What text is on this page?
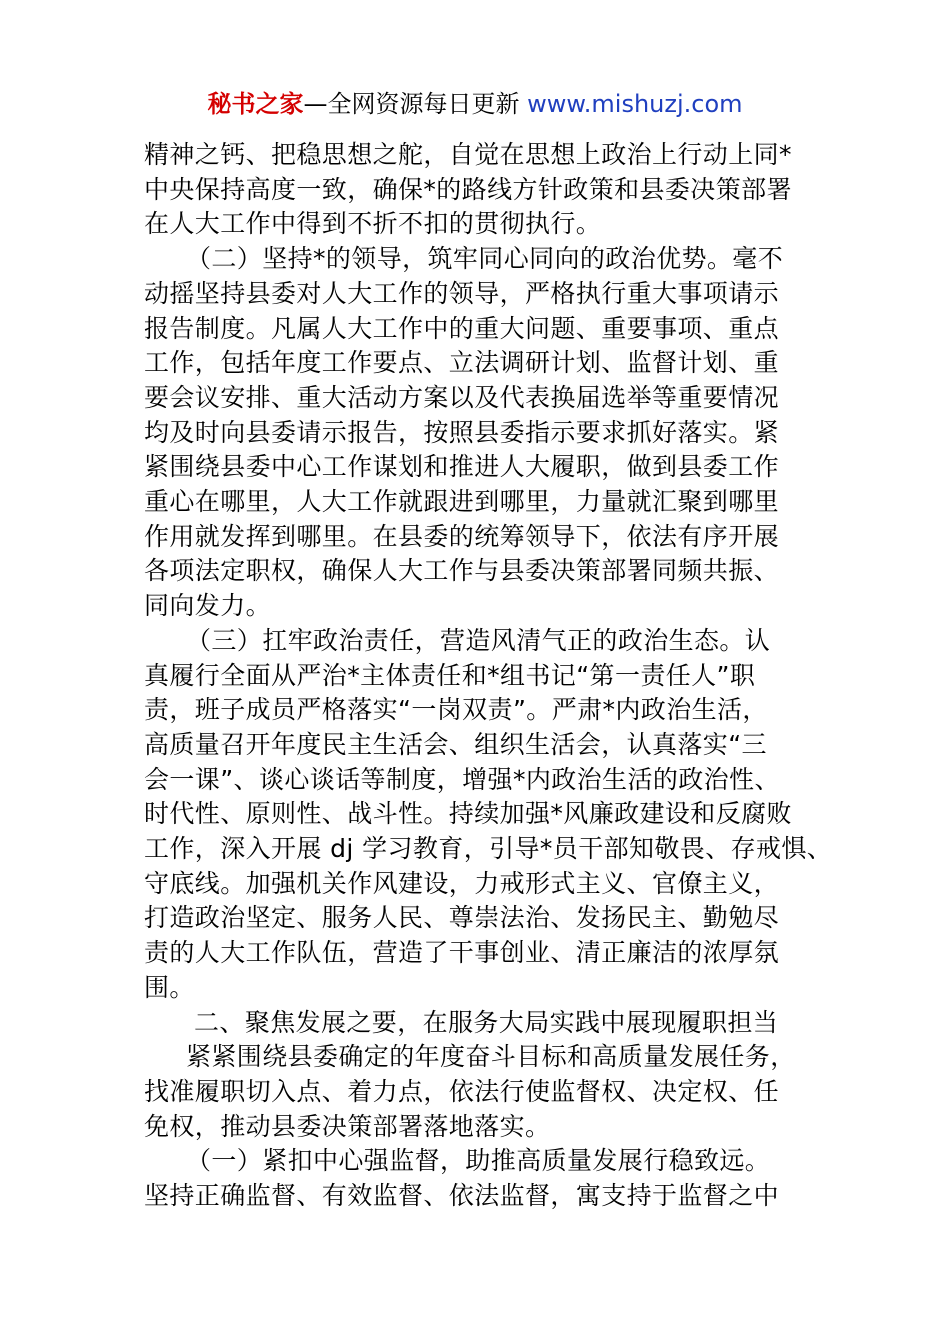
秘书之家—全网资源每日更新 www.mishuzj.com
精神之钙、把稳思想之舵，自觉在思想上政治上行动上同*
中央保持高度一致，确保*的路线方针政策和县委决策部署
在人大工作中得到不折不扣的贯彻执行。
（二）坚持*的领导，筑牢同心同向的政治优势。毫不
动摇坚持县委对人大工作的领导，严格执行重大事项请示
报告制度。凡属人大工作中的重大问题、重要事项、重点
工作，包括年度工作要点、立法调研计划、监督计划、重
要会议安排、重大活动方案以及代表换届选举等重要情况
均及时向县委请示报告，按照县委指示要求抓好落实。紧
紧围绕县委中心工作谋划和推进人大履职，做到县委工作
重心在哪里，人大工作就跟进到哪里，力量就汇聚到哪里
作用就发挥到哪里。在县委的统筹领导下，依法有序开展
各项法定职权，确保人大工作与县委决策部署同频共振、
同向发力。
（三）扛牢政治责任，营造风清气正的政治生态。认
真履行全面从严治*主体责任和*组书记“第一责任人”职
责，班子成员严格落实“一岗双责”。严肃*内政治生活，
高质量召开年度民主生活会、组织生活会，认真落实“三
会一课”、谈心谈话等制度，增强*内政治生活的政治性、
时代性、原则性、战斗性。持续加强*风廉政建设和反腐败
工作，深入开展 dj 学习教育，引导*员干部知敬畏、存戒惧、
守底线。加强机关作风建设，力戒形式主义、官僚主义，
打造政治坚定、服务人民、尊崇法治、发扬民主、勤勉尽
责的人大工作队伍，营造了干事创业、清正廉洁的浓厚氛
围。
二、聚焦发展之要，在服务大局实践中展现履职担当
紧紧围绕县委确定的年度奋斗目标和高质量发展任务，
找准履职切入点、着力点，依法行使监督权、决定权、任
免权，推动县委决策部署落地落实。
（一）紧扣中心强监督，助推高质量发展行稳致远。
坚持正确监督、有效监督、依法监督，寓支持于监督之中
